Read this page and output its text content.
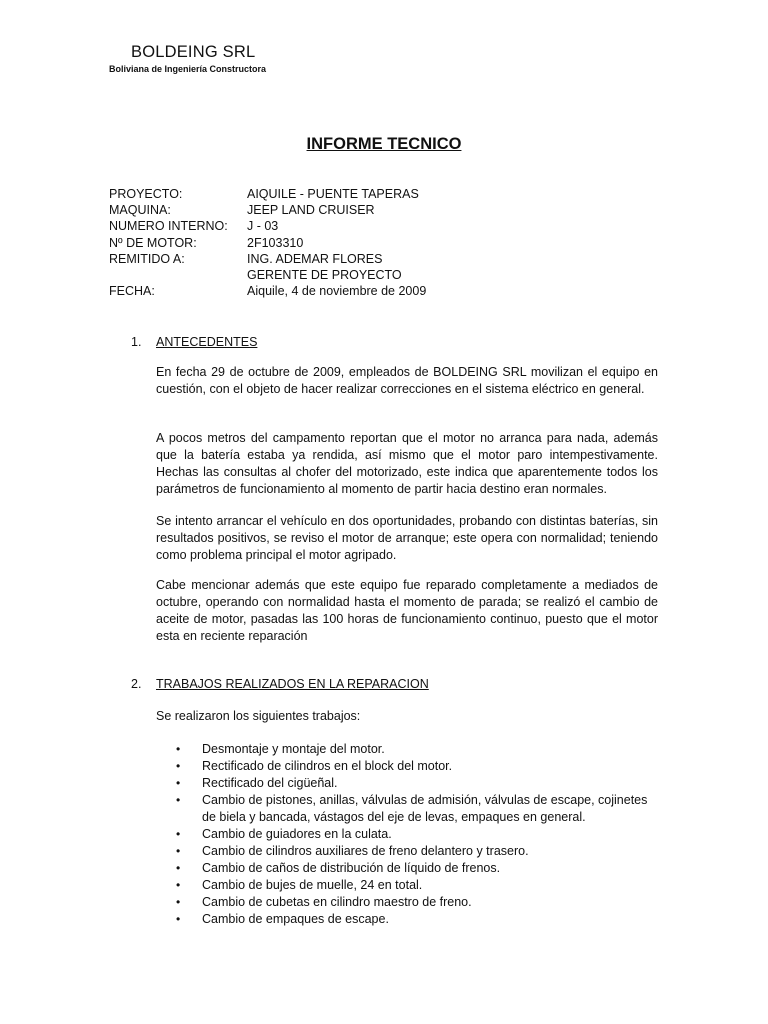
BOLDEING SRL
Boliviana de Ingeniería Constructora
INFORME TECNICO
PROYECTO:	AIQUILE - PUENTE TAPERAS
MAQUINA:	JEEP LAND CRUISER
NUMERO INTERNO:	J - 03
Nº DE MOTOR:	2F103310
REMITIDO A:	ING. ADEMAR FLORES
GERENTE DE PROYECTO
FECHA:	Aiquile, 4 de noviembre de 2009
1.	ANTECEDENTES

En fecha 29 de octubre de 2009, empleados de BOLDEING SRL movilizan el equipo en cuestión, con el objeto de hacer realizar correcciones en el sistema eléctrico en general.

A pocos metros del campamento reportan que el motor no arranca para nada, además que la batería estaba ya rendida, así mismo que el motor paro intempestivamente. Hechas las consultas al chofer del motorizado, este indica que aparentemente todos los parámetros de funcionamiento al momento de partir hacia destino eran normales.

Se intento arrancar el vehículo en dos oportunidades, probando con distintas baterías, sin resultados positivos, se reviso el motor de arranque; este opera con normalidad; teniendo como problema principal el motor agripado.

Cabe mencionar además que este equipo fue reparado completamente a mediados de octubre, operando con normalidad hasta el momento de parada; se realizó el cambio de aceite de motor, pasadas las 100 horas de funcionamiento continuo, puesto que el motor esta en reciente reparación

2.	TRABAJOS REALIZADOS EN LA REPARACION

Se realizaron los siguientes trabajos:

• Desmontaje y montaje del motor.
• Rectificado de cilindros en el block del motor.
• Rectificado del cigüeñal.
• Cambio de pistones, anillas, válvulas de admisión, válvulas de escape, cojinetes de biela y bancada, vástagos del eje de levas, empaques en general.
• Cambio de guiadores en la culata.
• Cambio de cilindros auxiliares de freno delantero y trasero.
• Cambio de caños de distribución de líquido de frenos.
• Cambio de bujes de muelle, 24 en total.
• Cambio de cubetas en cilindro maestro de freno.
• Cambio de empaques de escape.
